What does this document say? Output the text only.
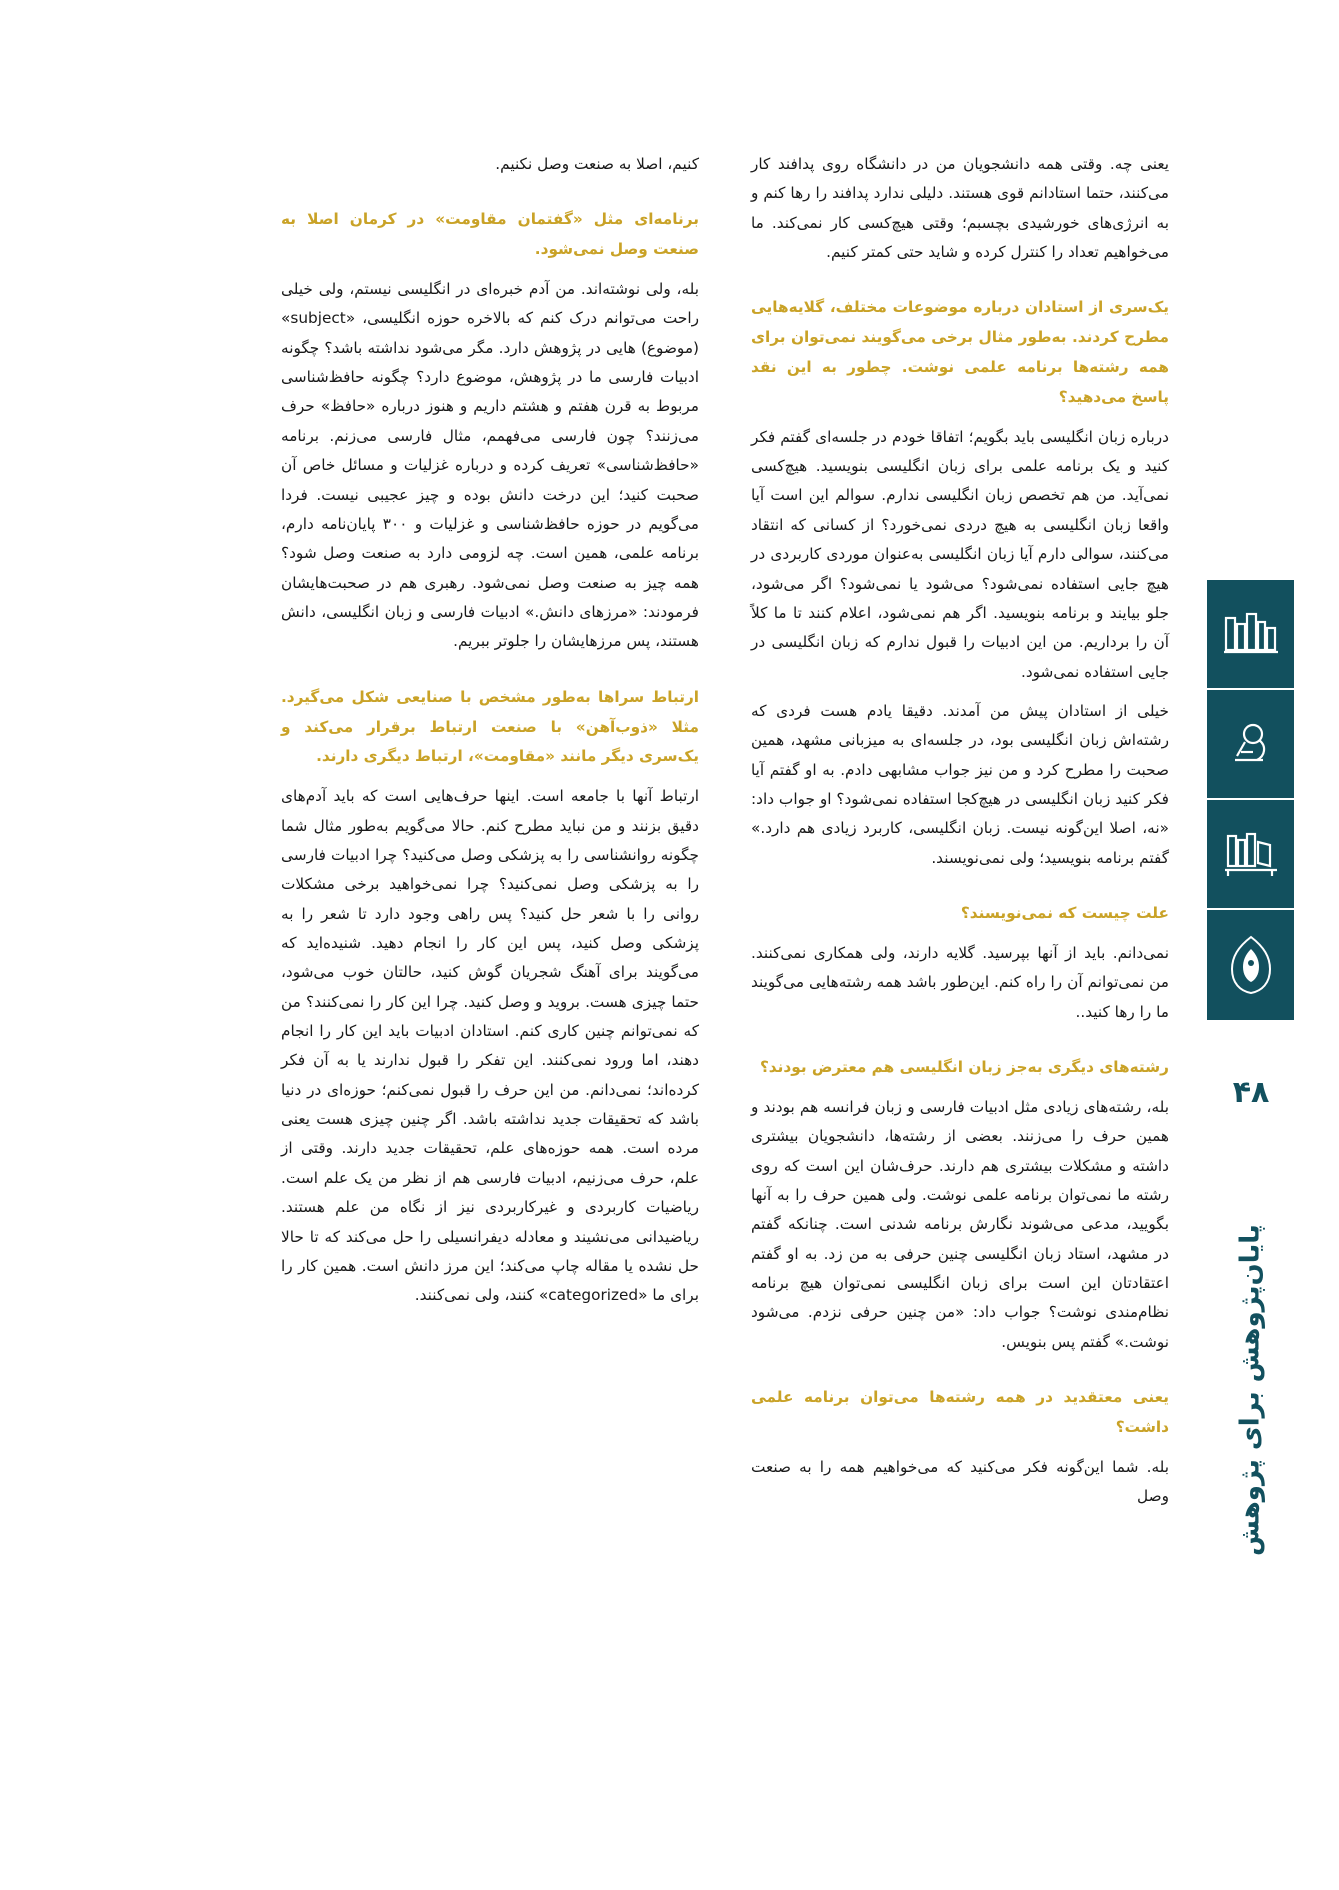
۴۸
پایان‌پژوهش برای پژوهش

یعنی چه. وقتی همه دانشجویان من در دانشگاه روی پدافند کار می‌کنند، حتما استادانم قوی هستند. دلیلی ندارد پدافند را رها کنم و به انرژی‌های خورشیدی بچسبم؛ وقتی هیچ‌کسی کار نمی‌کند. ما می‌خواهیم تعداد را کنترل کرده و شاید حتی کمتر کنیم.

یک‌سری از استادان درباره موضوعات مختلف، گلایه‌هایی مطرح کردند. به‌طور مثال برخی می‌گویند نمی‌توان برای همه رشته‌ها برنامه علمی نوشت. چطور به این نقد پاسخ می‌دهید؟

درباره زبان انگلیسی باید بگویم؛ اتفاقا خودم در جلسه‌ای گفتم فکر کنید و یک برنامه علمی برای زبان انگلیسی بنویسید. هیچ‌کسی نمی‌آید. من هم تخصص زبان انگلیسی ندارم. سوالم این است آیا واقعا زبان انگلیسی به هیچ دردی نمی‌خورد؟ از کسانی که انتقاد می‌کنند، سوالی دارم آیا زبان انگلیسی به‌عنوان موردی کاربردی در هیچ جایی استفاده نمی‌شود؟ می‌شود یا نمی‌شود؟ اگر می‌شود، جلو بیایند و برنامه بنویسید. اگر هم نمی‌شود، اعلام کنند تا ما کلاً آن را برداریم. من این ادبیات را قبول ندارم که زبان انگلیسی در جایی استفاده نمی‌شود.

خیلی از استادان پیش من آمدند. دقیقا یادم هست فردی که رشته‌اش زبان انگلیسی بود، در جلسه‌ای به میزبانی مشهد، همین صحبت را مطرح کرد و من نیز جواب مشابهی دادم. به او گفتم آیا فکر کنید زبان انگلیسی در هیچ‌کجا استفاده نمی‌شود؟ او جواب داد: «نه، اصلا این‌گونه نیست. زبان انگلیسی، کاربرد زیادی هم دارد.» گفتم برنامه بنویسید؛ ولی نمی‌نویسند.

علت چیست که نمی‌نویسند؟

نمی‌دانم. باید از آنها بپرسید. گلایه دارند، ولی همکاری نمی‌کنند. من نمی‌توانم آن را راه کنم. این‌طور باشد همه رشته‌هایی می‌گویند ما را رها کنید..

رشته‌های دیگری به‌جز زبان انگلیسی هم معترض بودند؟

بله، رشته‌های زیادی مثل ادبیات فارسی و زبان فرانسه هم بودند و همین حرف را می‌زنند. بعضی از رشته‌ها، دانشجویان بیشتری داشته و مشکلات بیشتری هم دارند. حرف‌شان این است که روی رشته ما نمی‌توان برنامه علمی نوشت. ولی همین حرف را به آنها بگویید، مدعی می‌شوند نگارش برنامه شدنی است. چنانکه گفتم در مشهد، استاد زبان انگلیسی چنین حرفی به من زد. به او گفتم اعتقادتان این است برای زبان انگلیسی نمی‌توان هیچ برنامه نظام‌مندی نوشت؟ جواب داد: «من چنین حرفی نزدم. می‌شود نوشت.» گفتم پس بنویس.

یعنی معتقدید در همه رشته‌ها می‌توان برنامه علمی داشت؟

بله. شما این‌گونه فکر می‌کنید که می‌خواهیم همه را به صنعت وصل

کنیم، اصلا به صنعت وصل نکنیم.

برنامه‌ای مثل «گفتمان مقاومت» در کرمان اصلا به صنعت وصل نمی‌شود.

بله، ولی نوشته‌اند. من آدم خبره‌ای در انگلیسی نیستم، ولی خیلی راحت می‌توانم درک کنم که بالاخره حوزه انگلیسی، «subject» (موضوع) هایی در پژوهش دارد. مگر می‌شود نداشته باشد؟ چگونه ادبیات فارسی ما در پژوهش، موضوع دارد؟ چگونه حافظ‌شناسی مربوط به قرن هفتم و هشتم داریم و هنوز درباره «حافظ» حرف می‌زنند؟ چون فارسی می‌فهمم، مثال فارسی می‌زنم. برنامه «حافظ‌شناسی» تعریف کرده و درباره غزلیات و مسائل خاص آن صحبت کنید؛ این درخت دانش بوده و چیز عجیبی نیست. فردا می‌گویم در حوزه حافظ‌شناسی و غزلیات و ۳۰۰ پایان‌نامه دارم، برنامه علمی، همین است. چه لزومی دارد به صنعت وصل شود؟ همه چیز به صنعت وصل نمی‌شود. رهبری هم در صحبت‌هایشان فرمودند: «مرزهای دانش.» ادبیات فارسی و زبان انگلیسی، دانش هستند، پس مرزهایشان را جلوتر ببریم.

ارتباط سراها به‌طور مشخص با صنایعی شکل می‌گیرد. مثلا «ذوب‌آهن» با صنعت ارتباط برقرار می‌کند و یک‌سری دیگر مانند «مقاومت»، ارتباط دیگری دارند.

ارتباط آنها با جامعه است. اینها حرف‌هایی است که باید آدم‌های دقیق بزنند و من نباید مطرح کنم. حالا می‌گویم به‌طور مثال شما چگونه روانشناسی را به پزشکی وصل می‌کنید؟ چرا ادبیات فارسی را به پزشکی وصل نمی‌کنید؟ چرا نمی‌خواهید برخی مشکلات روانی را با شعر حل کنید؟ پس راهی وجود دارد تا شعر را به پزشکی وصل کنید، پس این کار را انجام دهید. شنیده‌اید که می‌گویند برای آهنگ شجریان گوش کنید، حالتان خوب می‌شود، حتما چیزی هست. بروید و وصل کنید. چرا این کار را نمی‌کنند؟ من که نمی‌توانم چنین کاری کنم. استادان ادبیات باید این کار را انجام دهند، اما ورود نمی‌کنند. این تفکر را قبول ندارند یا به آن فکر کرده‌اند؛ نمی‌دانم. من این حرف را قبول نمی‌کنم؛ حوزه‌ای در دنیا باشد که تحقیقات جدید نداشته باشد. اگر چنین چیزی هست یعنی مرده است. همه حوزه‌های علم، تحقیقات جدید دارند. وقتی از علم، حرف می‌زنیم، ادبیات فارسی هم از نظر من یک علم است. ریاضیات کاربردی و غیرکاربردی نیز از نگاه من علم هستند. ریاضیدانی می‌نشیند و معادله دیفرانسیلی را حل می‌کند که تا حالا حل نشده یا مقاله چاپ می‌کند؛ این مرز دانش است. همین کار را برای ما «categorized» کنند، ولی نمی‌کنند.
